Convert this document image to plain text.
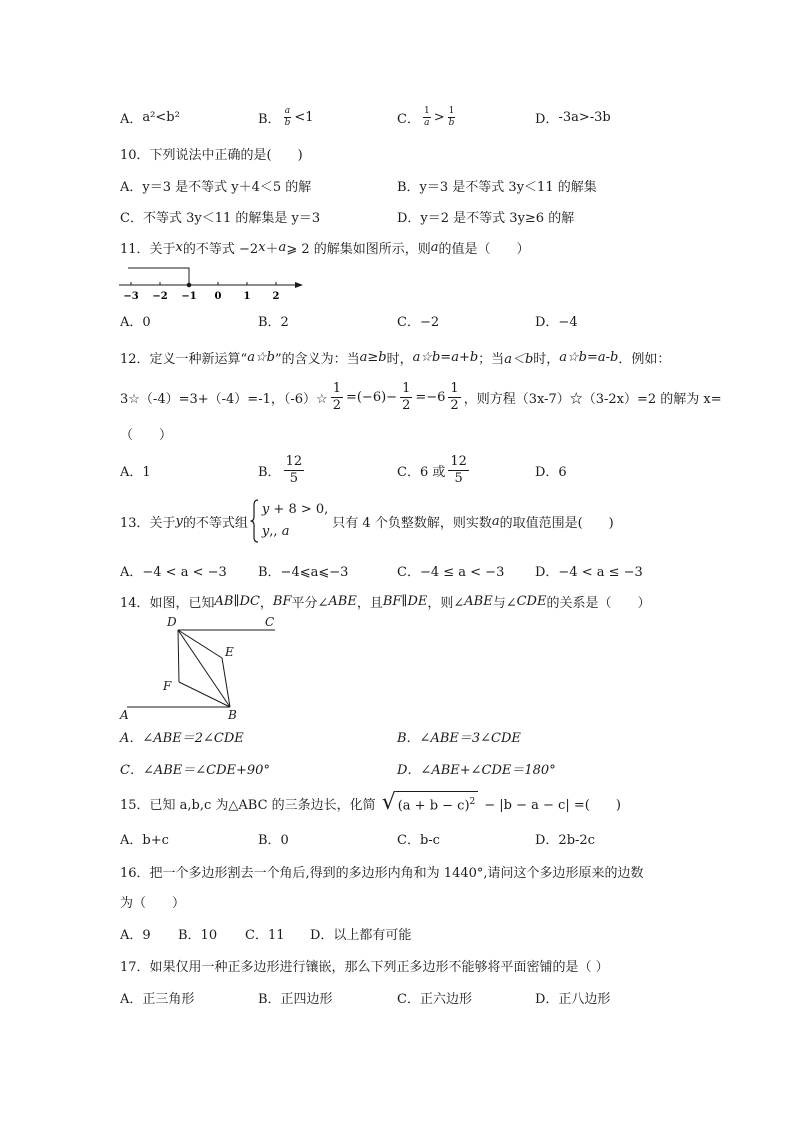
A． a²<b²	B． $\frac{a}{b} <1$	C． $\frac{1}{a} > \frac{1}{b}$	D． -3a>-3b
10．下列说法中正确的是(　　)
A．y＝3 是不等式 y＋4＜5 的解	B．y＝3 是不等式 3y＜11 的解集
C．不等式 3y＜11 的解集是 y＝3	D．y＝2 是不等式 3y≥6 的解
11．关于 x 的不等式 −2 x ＋ a ⩾ 2 的解集如图所示，则 a 的值是（　　）
−3 −2 −1 0 1 2
A．0	B．2	C．−2	D．−4
12．定义一种新运算“ a☆b ”的含义为：当 a≥b 时， a☆b=a+b ；当 a＜b 时， a☆b=a-b ．例如：
3☆（-4）=3+（-4）=-1，（-6）☆ $\frac{1}{2} =(-6)- \frac{1}{2} =-6 \frac{1}{2}$ ，则方程（3x-7）☆（3-2x）=2 的解为 x=
（　　）
A．1	B． $\frac{12}{5}$	C．6 或 $\frac{12}{5}$	D．6
13．关于 y 的不等式组
y + 8 > 0,
y,, a
只有 4 个负整数解，则实数 a 的取值范围是(　　)
A．−4 < a < −3 B．−4⩽a⩽−3	C．−4 ≤ a < −3 D．−4 < a ≤ −3
14．如图，已知 AB ∥ DC ， BF 平分∠ ABE ，且 BF ∥ DE ，则∠ ABE 与∠ CDE 的关系是（　　）
D	C
E
F
A	B
A．∠ABE＝2∠CDE	B．∠ABE＝3∠CDE
C．∠ABE＝∠CDE+90°	D．∠ABE+∠CDE＝180°
15．已知 a,b,c 为△ABC 的三条边长，化简 √ $(a + b - c)^2 - |b - a - c|$ =(　　)
A．b+c	B．0	C．b-c	D．2b-2c
16．把一个多边形割去一个角后,得到的多边形内角和为 1440°,请问这个多边形原来的边数
为（　　）
A．9 B．10 C．11 D．以上都有可能
17．如果仅用一种正多边形进行镶嵌，那么下列正多边形不能够将平面密铺的是（ ）
A．正三角形	B．正四边形	C．正六边形	D．正八边形
